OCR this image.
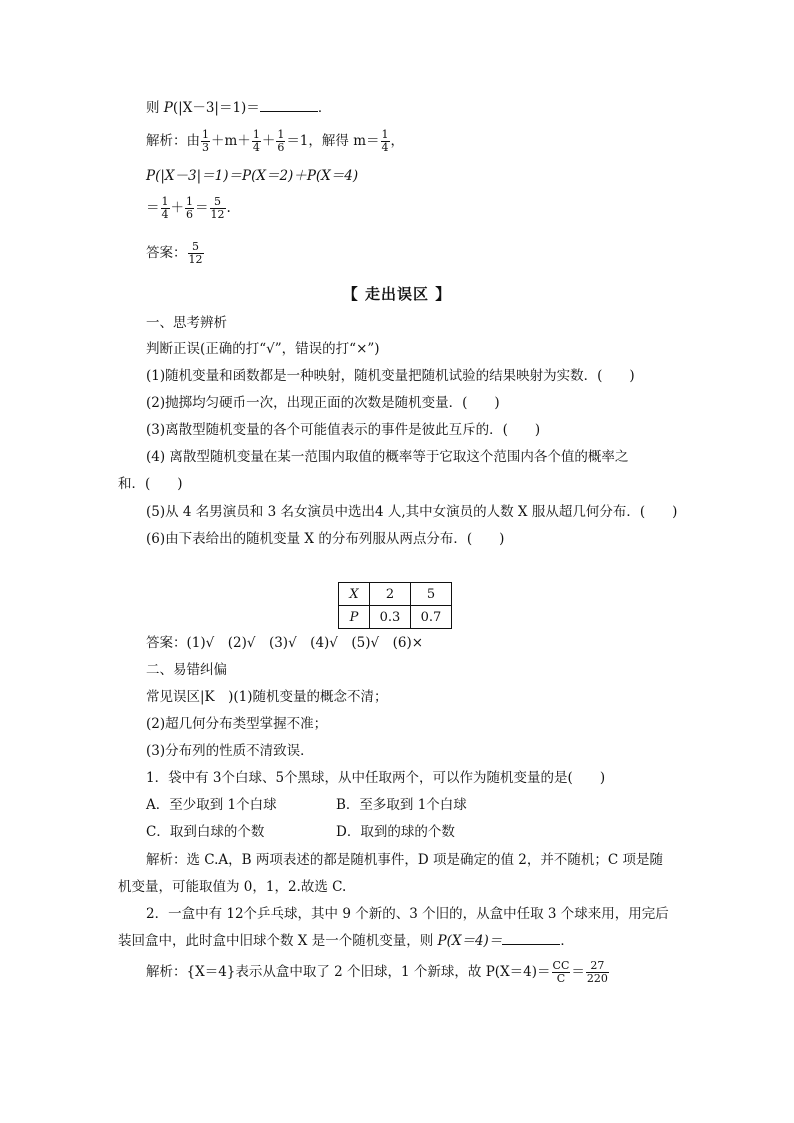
则 P(|X－3|＝1)＝	．
解析：由 $\frac{1}{3} +m+ \frac{1}{4} + \frac{1}{6} =1$，解得 $m= \frac{1}{4}$ ，
P(|X－3|＝1)＝P(X＝2)＋P(X＝4)
＝ $\frac{1}{4} + \frac{1}{6} = \frac{5}{12}$ .
答案： $\frac{5}{12}$
【 走出误区 】
一、思考辨析
判断正误(正确的打“√”，错误的打“×”)
(1)随机变量和函数都是一种映射，随机变量把随机试验的结果映射为实数．(　　)
(2)抛掷均匀硬币一次，出现正面的次数是随机变量．(　　)
(3)离散型随机变量的各个可能值表示的事件是彼此互斥的．(　　)
(4) 离散型随机变量在某一范围内取值的概率等于它取这个范围内各个值的概率之
和．(　　)
(5)从 4 名男演员和 3 名女演员中选出4 人,其中女演员的人数 X 服从超几何分布．(　　)
(6)由下表给出的随机变量 X 的分布列服从两点分布．(　　)
X	2	5
P	0.3	0.7
答案：(1)√　(2)√　(3)√　(4)√　(5)√　(6)×
二、易错纠偏
常见误区|K　)(1)随机变量的概念不清；
(2)超几何分布类型掌握不准；
(3)分布列的性质不清致误．
1．袋中有 3个白球、5个黑球，从中任取两个，可以作为随机变量的是(　　)
A．至少取到 1个白球	B．至多取到 1个白球
C．取到白球的个数	D．取到的球的个数
解析：选 C.A，B 两项表述的都是随机事件，D 项是确定的值 2，并不随机；C 项是随
机变量，可能取值为 0，1，2.故选 C.
2．一盒中有 12个乒乓球，其中 9 个新的、3 个旧的，从盒中任取 3 个球来用，用完后
装回盒中，此时盒中旧球个数 X 是一个随机变量，则 P(X＝4)＝	．
解析：{X＝4}表示从盒中取了 2 个旧球，1 个新球，故 $P(X=4)= \frac{CC}{C} = \frac{27}{220}$
